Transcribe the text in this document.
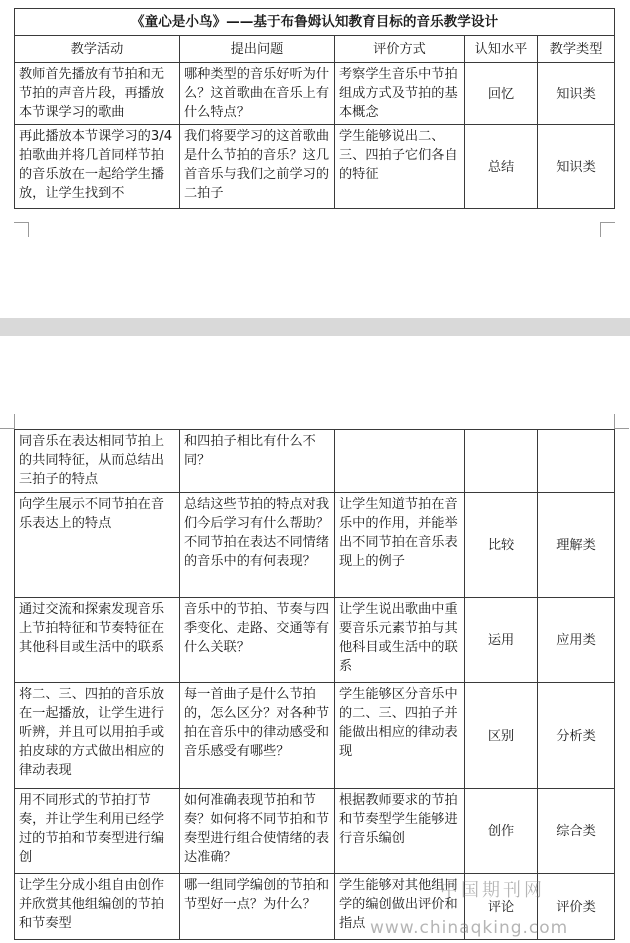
《童心是小鸟》——基于布鲁姆认知教育目标的音乐教学设计				
教学活动	提出问题	评价方式	认知水平	教学类型
教师首先播放有节拍和无节拍的声音片段，再播放本节课学习的歌曲	哪种类型的音乐好听为什么？这首歌曲在音乐上有什么特点？	考察学生音乐中节拍组成方式及节拍的基本概念	回忆	知识类
再此播放本节课学习的3/4拍歌曲并将几首同样节拍的音乐放在一起给学生播放，让学生找到不	我们将要学习的这首歌曲是什么节拍的音乐？这几首音乐与我们之前学习的二拍子	学生能够说出二、三、四拍子它们各自的特征	总结	知识类
同音乐在表达相同节拍上的共同特征，从而总结出三拍子的特点	和四拍子相比有什么不同？			
向学生展示不同节拍在音乐表达上的特点	总结这些节拍的特点对我们今后学习有什么帮助？不同节拍在表达不同情绪的音乐中的有何表现？	让学生知道节拍在音乐中的作用，并能举出不同节拍在音乐表现上的例子	比较	理解类
通过交流和探索发现音乐上节拍特征和节奏特征在其他科目或生活中的联系	音乐中的节拍、节奏与四季变化、走路、交通等有什么关联？	让学生说出歌曲中重要音乐元素节拍与其他科目或生活中的联系	运用	应用类
将二、三、四拍的音乐放在一起播放，让学生进行听辨，并且可以用拍手或拍皮球的方式做出相应的律动表现	每一首曲子是什么节拍的，怎么区分？对各种节拍在音乐中的律动感受和音乐感受有哪些？	学生能够区分音乐中的二、三、四拍子并能做出相应的律动表现	区别	分析类
用不同形式的节拍打节奏，并让学生利用已经学过的节拍和节奏型进行编创	如何准确表现节拍和节奏？如何将不同节拍和节奏型进行组合使情绪的表达准确？	根据教师要求的节拍和节奏型学生能够进行音乐编创	创作	综合类
让学生分成小组自由创作并欣赏其他组编创的节拍和节奏型	哪一组同学编创的节拍和节型好一点？为什么？	学生能够对其他组同学的编创做出评价和指点	评论	评价类
中国期刊网
www.chinaqking.com
